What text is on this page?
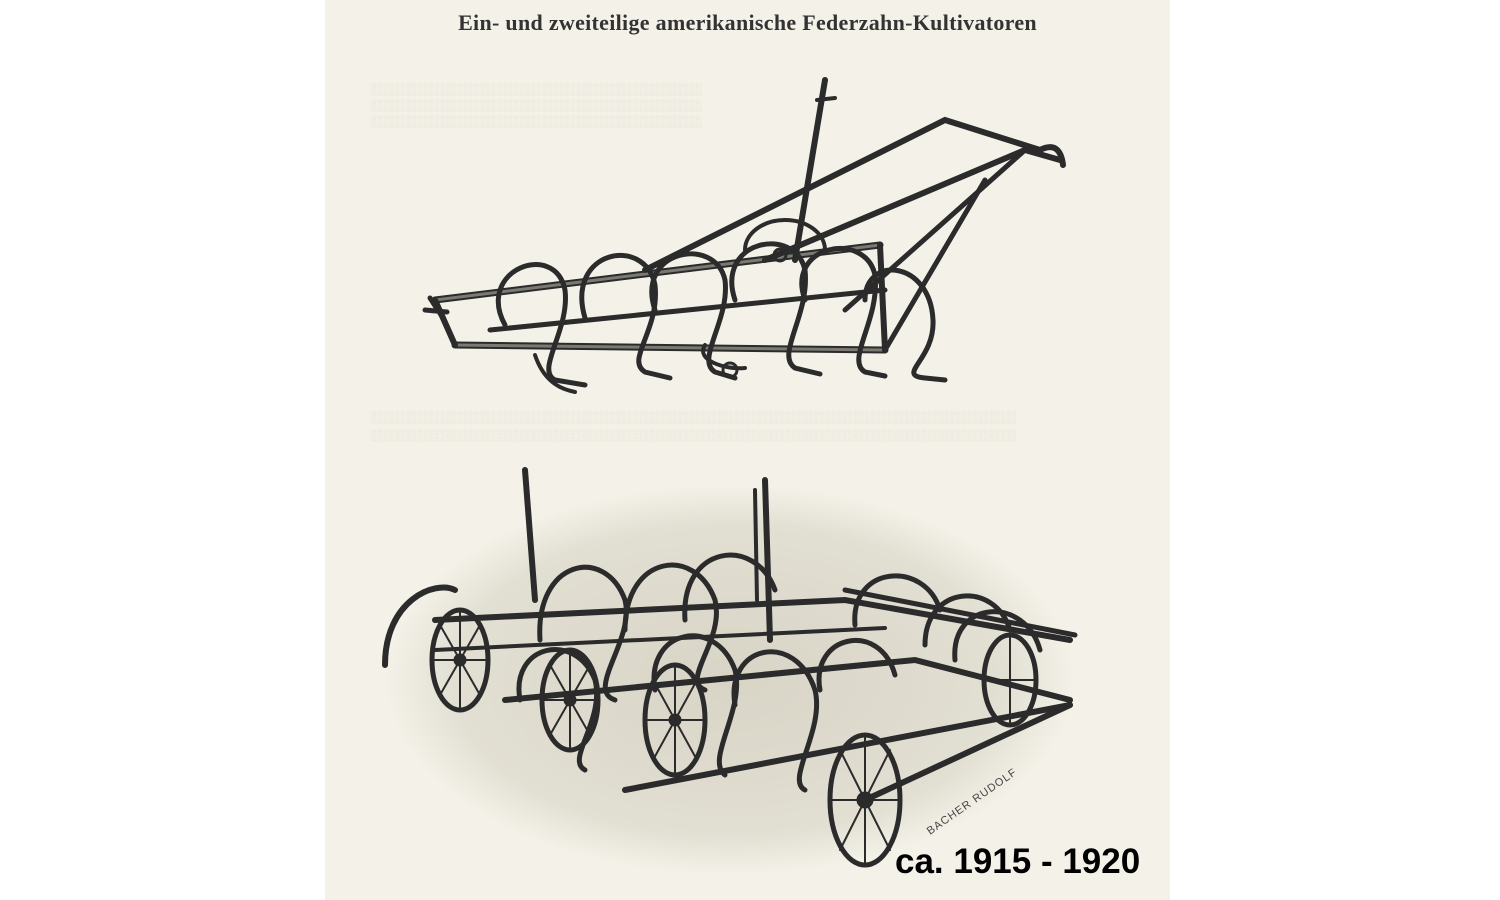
░░░░░░░░░░░░░░░░░░░░░░░░░░░░░░░░░░░░░░░
░░░░░░░░░░░░░░░░░░░░░░░░░░░░░░░░░░░░░░░
░░░░░░░░░░░░░░░░░░░░░░░░░░░░░░░░░░░░░░░
░░░░░░░░░░░░░░░░░░░░░░░░░░░░░░░░░░░░░░░░░░░░░░░░░░░░░░░░░░░░░░░░░░░░░░░░░░░░
░░░░░░░░░░░░░░░░░░░░░░░░░░░░░░░░░░░░░░░░░░░░░░░░░░░░░░░░░░░░░░░░░░░░░░░░░░░░
Ein- und zweiteilige amerikanische Federzahn-Kultivatoren
BACHER RUDOLF
ca. 1915 - 1920
